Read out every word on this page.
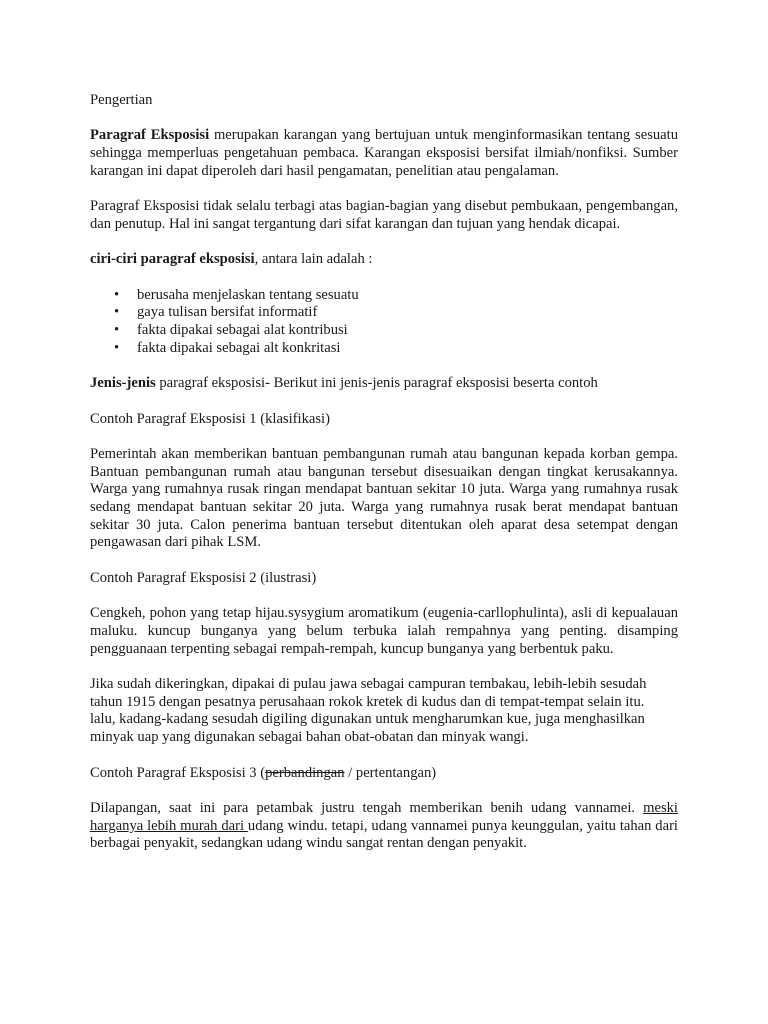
Pengertian

Paragraf Eksposisi merupakan karangan yang bertujuan untuk menginformasikan tentang sesuatu sehingga memperluas pengetahuan pembaca. Karangan eksposisi bersifat ilmiah/nonfiksi. Sumber karangan ini dapat diperoleh dari hasil pengamatan, penelitian atau pengalaman.

Paragraf Eksposisi tidak selalu terbagi atas bagian-bagian yang disebut pembukaan, pengembangan, dan penutup. Hal ini sangat tergantung dari sifat karangan dan tujuan yang hendak dicapai.

ciri-ciri paragraf eksposisi, antara lain adalah :

• berusaha menjelaskan tentang sesuatu
• gaya tulisan bersifat informatif
• fakta dipakai sebagai alat kontribusi
• fakta dipakai sebagai alt konkritasi

Jenis-jenis paragraf eksposisi- Berikut ini jenis-jenis paragraf eksposisi beserta contoh

Contoh Paragraf Eksposisi 1 (klasifikasi)

Pemerintah akan memberikan bantuan pembangunan rumah atau bangunan kepada korban gempa. Bantuan pembangunan rumah atau bangunan tersebut disesuaikan dengan tingkat kerusakannya. Warga yang rumahnya rusak ringan mendapat bantuan sekitar 10 juta. Warga yang rumahnya rusak sedang mendapat bantuan sekitar 20 juta. Warga yang rumahnya rusak berat mendapat bantuan sekitar 30 juta. Calon penerima bantuan tersebut ditentukan oleh aparat desa setempat dengan pengawasan dari pihak LSM.

Contoh Paragraf Eksposisi 2 (ilustrasi)

Cengkeh, pohon yang tetap hijau.sysygium aromatikum (eugenia-carllophulinta), asli di kepualauan maluku. kuncup bunganya yang belum terbuka ialah rempahnya yang penting. disamping pengguanaan terpenting sebagai rempah-rempah, kuncup bunganya yang berbentuk paku.

Jika sudah dikeringkan, dipakai di pulau jawa sebagai campuran tembakau, lebih-lebih sesudah

tahun 1915 dengan pesatnya perusahaan rokok kretek di kudus dan di tempat-tempat selain itu.

lalu, kadang-kadang sesudah digiling digunakan untuk mengharumkan kue, juga menghasilkan

minyak uap yang digunakan sebagai bahan obat-obatan dan minyak wangi.

Contoh Paragraf Eksposisi 3 (perbandingan / pertentangan)

Dilapangan, saat ini para petambak justru tengah memberikan benih udang vannamei. meski harganya lebih murah dari udang windu. tetapi, udang vannamei punya keunggulan, yaitu tahan dari berbagai penyakit, sedangkan udang windu sangat rentan dengan penyakit.
